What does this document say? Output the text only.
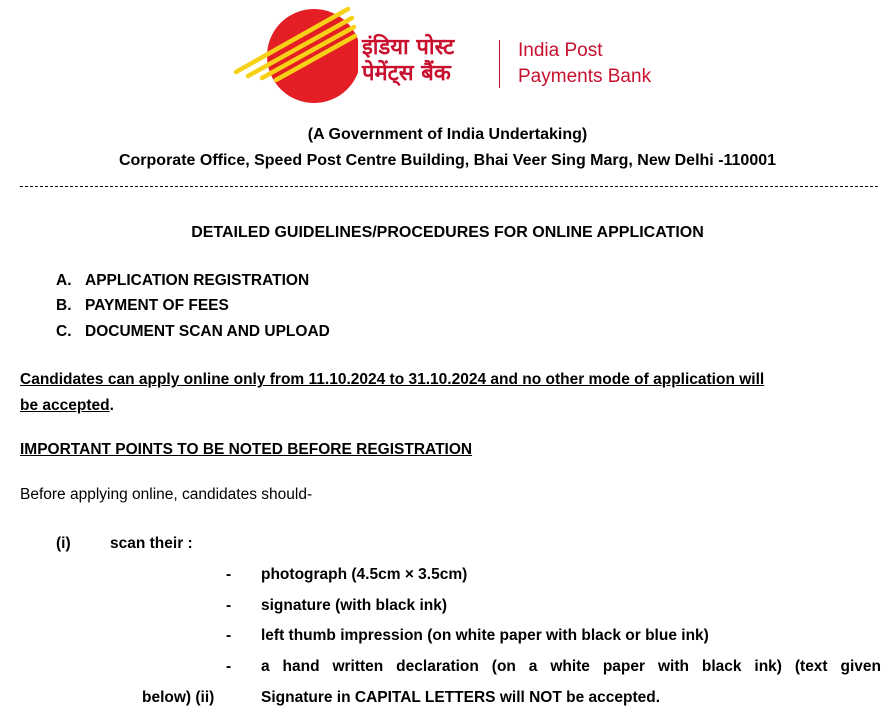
इंडिया पोस्ट
पेमेंट्स बैंक
India Post
Payments Bank
(A Government of India Undertaking)
Corporate Office, Speed Post Centre Building, Bhai Veer Sing Marg, New Delhi -110001
DETAILED GUIDELINES/PROCEDURES FOR ONLINE APPLICATION
A. APPLICATION REGISTRATION
B. PAYMENT OF FEES
C. DOCUMENT SCAN AND UPLOAD
Candidates can apply online only from 11.10.2024 to 31.10.2024 and no other mode of application will
be accepted.
IMPORTANT POINTS TO BE NOTED BEFORE REGISTRATION
Before applying online, candidates should-
(i)	scan their :
- photograph (4.5cm × 3.5cm)
- signature (with black ink)
- left thumb impression (on white paper with black or blue ink)
- a hand written declaration (on a white paper with black ink) (text given
below) (ii)	Signature in CAPITAL LETTERS will NOT be accepted.
